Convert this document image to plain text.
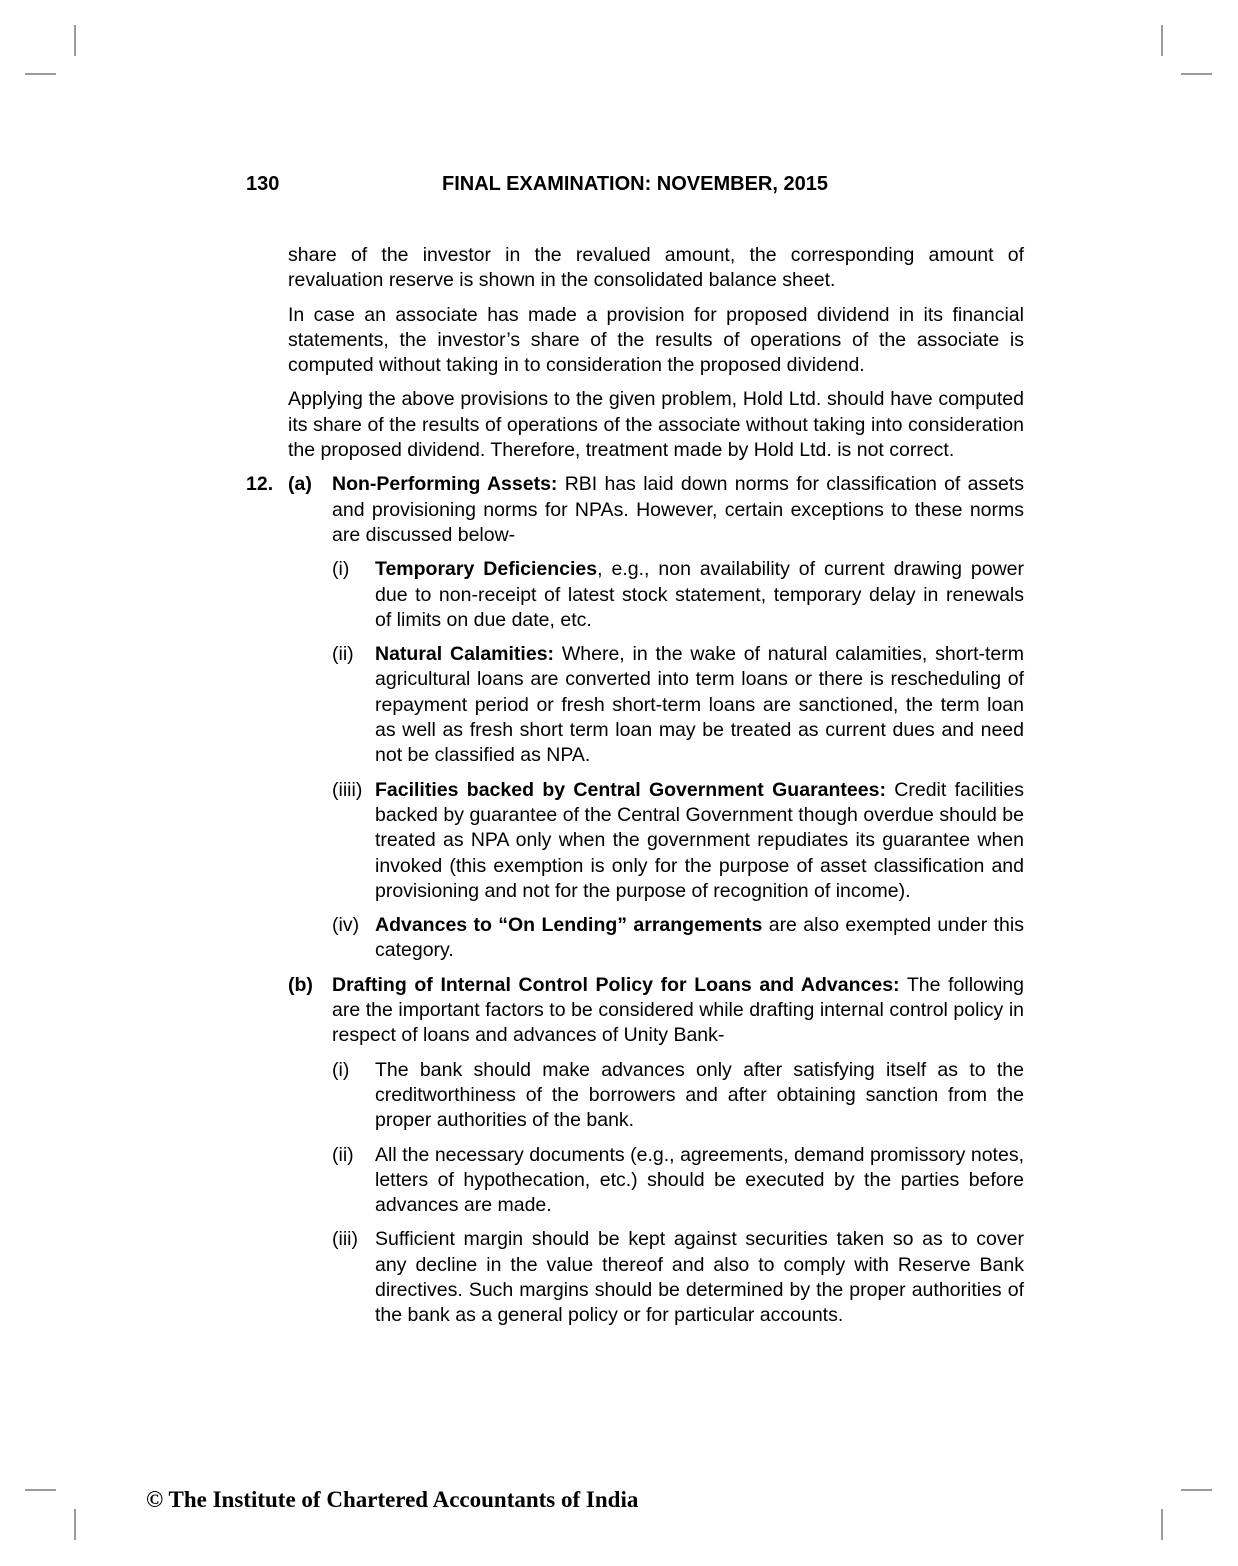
130	FINAL EXAMINATION: NOVEMBER, 2015

share of the investor in the revalued amount, the corresponding amount of revaluation reserve is shown in the consolidated balance sheet.

In case an associate has made a provision for proposed dividend in its financial statements, the investor’s share of the results of operations of the associate is computed without taking in to consideration the proposed dividend.

Applying the above provisions to the given problem, Hold Ltd. should have computed its share of the results of operations of the associate without taking into consideration the proposed dividend. Therefore, treatment made by Hold Ltd. is not correct.

12. (a)	Non-Performing Assets: RBI has laid down norms for classification of assets and provisioning norms for NPAs. However, certain exceptions to these norms are discussed below-

(i)	Temporary Deficiencies, e.g., non availability of current drawing power due to non-receipt of latest stock statement, temporary delay in renewals of limits on due date, etc.
(ii)	Natural Calamities: Where, in the wake of natural calamities, short-term agricultural loans are converted into term loans or there is rescheduling of repayment period or fresh short-term loans are sanctioned, the term loan as well as fresh short term loan may be treated as current dues and need not be classified as NPA.
(iiii) Facilities backed by Central Government Guarantees: Credit facilities backed by guarantee of the Central Government though overdue should be treated as NPA only when the government repudiates its guarantee when invoked (this exemption is only for the purpose of asset classification and provisioning and not for the purpose of recognition of income).
(iv) Advances to “On Lending” arrangements are also exempted under this category.
(b) Drafting of Internal Control Policy for Loans and Advances: The following are the important factors to be considered while drafting internal control policy in respect of loans and advances of Unity Bank-

(i)	The bank should make advances only after satisfying itself as to the creditworthiness of the borrowers and after obtaining sanction from the proper authorities of the bank.
(ii)	All the necessary documents (e.g., agreements, demand promissory notes, letters of hypothecation, etc.) should be executed by the parties before advances are made.
(iii) Sufficient margin should be kept against securities taken so as to cover any decline in the value thereof and also to comply with Reserve Bank directives. Such margins should be determined by the proper authorities of the bank as a general policy or for particular accounts.
© The Institute of Chartered Accountants of India
